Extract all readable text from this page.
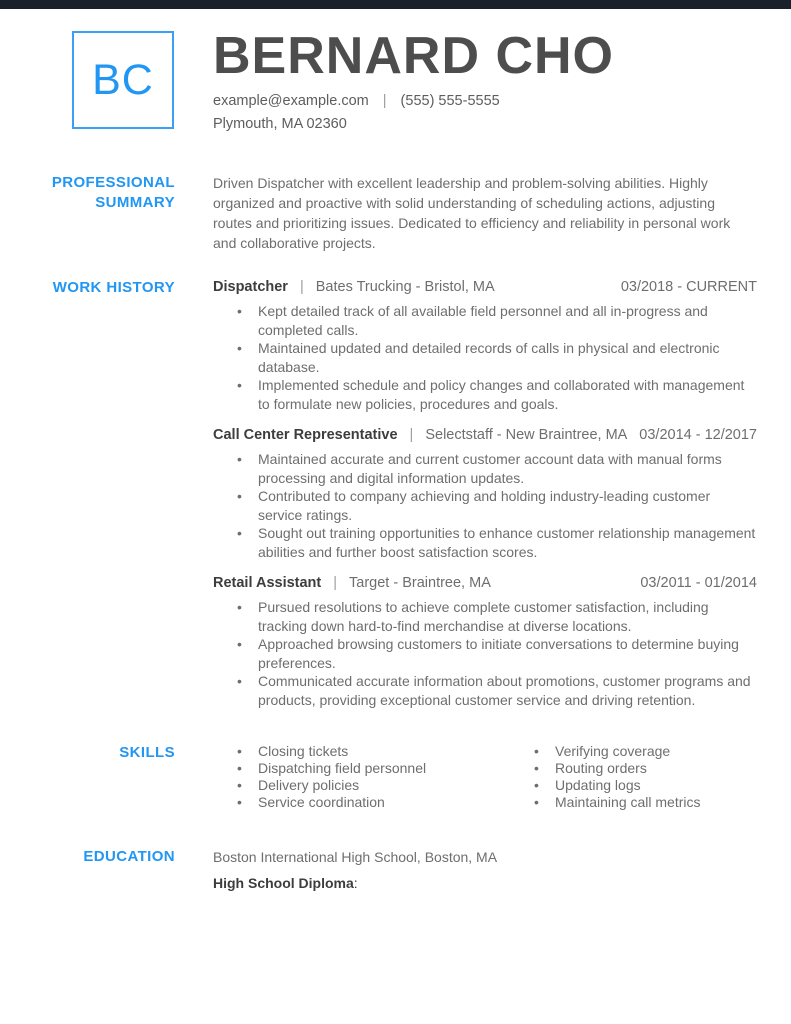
BC BERNARD CHO
example@example.com | (555) 555-5555
Plymouth, MA 02360
PROFESSIONAL SUMMARY
Driven Dispatcher with excellent leadership and problem-solving abilities. Highly organized and proactive with solid understanding of scheduling actions, adjusting routes and prioritizing issues. Dedicated to efficiency and reliability in personal work and collaborative projects.
WORK HISTORY	Dispatcher | Bates Trucking - Bristol, MA	03/2018 - CURRENT
• Kept detailed track of all available field personnel and all in-progress and completed calls.
• Maintained updated and detailed records of calls in physical and electronic database.
• Implemented schedule and policy changes and collaborated with management to formulate new policies, procedures and goals.
Call Center Representative | Selectstaff - New Braintree, MA 03/2014 - 12/2017
• Maintained accurate and current customer account data with manual forms processing and digital information updates.
• Contributed to company achieving and holding industry-leading customer service ratings.
• Sought out training opportunities to enhance customer relationship management abilities and further boost satisfaction scores.
Retail Assistant | Target - Braintree, MA	03/2011 - 01/2014
• Pursued resolutions to achieve complete customer satisfaction, including tracking down hard-to-find merchandise at diverse locations.
• Approached browsing customers to initiate conversations to determine buying preferences.
• Communicated accurate information about promotions, customer programs and products, providing exceptional customer service and driving retention.
SKILLS	• Closing tickets
• Dispatching field personnel
• Delivery policies
• Service coordination
• Verifying coverage
• Routing orders
• Updating logs
• Maintaining call metrics
EDUCATION	Boston International High School, Boston, MA
High School Diploma:
